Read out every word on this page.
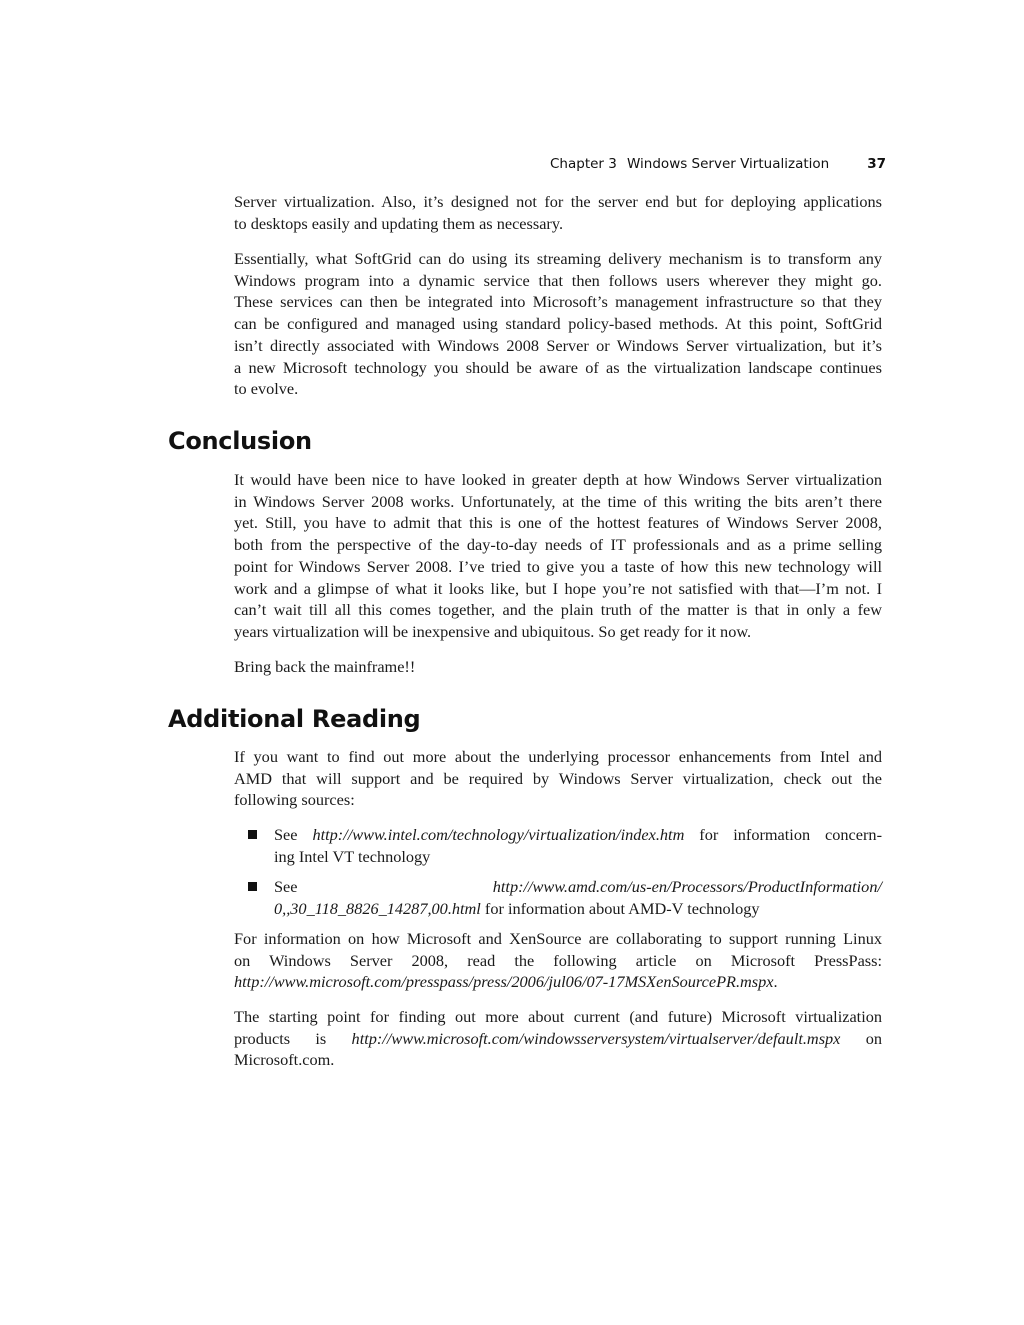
Chapter 3 Windows Server Virtualization	37
Server virtualization. Also, it’s designed not for the server end but for deploying applications
to desktops easily and updating them as necessary.
Essentially, what SoftGrid can do using its streaming delivery mechanism is to transform any
Windows program into a dynamic service that then follows users wherever they might go.
These services can then be integrated into Microsoft’s management infrastructure so that they
can be configured and managed using standard policy-based methods. At this point, SoftGrid
isn’t directly associated with Windows 2008 Server or Windows Server virtualization, but it’s
a new Microsoft technology you should be aware of as the virtualization landscape continues
to evolve.
Conclusion
It would have been nice to have looked in greater depth at how Windows Server virtualization
in Windows Server 2008 works. Unfortunately, at the time of this writing the bits aren’t there
yet. Still, you have to admit that this is one of the hottest features of Windows Server 2008,
both from the perspective of the day-to-day needs of IT professionals and as a prime selling
point for Windows Server 2008. I’ve tried to give you a taste of how this new technology will
work and a glimpse of what it looks like, but I hope you’re not satisfied with that—I’m not. I
can’t wait till all this comes together, and the plain truth of the matter is that in only a few
years virtualization will be inexpensive and ubiquitous. So get ready for it now.
Bring back the mainframe!!
Additional Reading
If you want to find out more about the underlying processor enhancements from Intel and
AMD that will support and be required by Windows Server virtualization, check out the
following sources:
See http://www.intel.com/technology/virtualization/index.htm for information concern-
ing Intel VT technology
See http://www.amd.com/us-en/Processors/ProductInformation/
0,,30_118_8826_14287,00.html for information about AMD-V technology
For information on how Microsoft and XenSource are collaborating to support running Linux
on Windows Server 2008, read the following article on Microsoft PressPass:
http://www.microsoft.com/presspass/press/2006/jul06/07-17MSXenSourcePR.mspx.
The starting point for finding out more about current (and future) Microsoft virtualization
products is http://www.microsoft.com/windowsserversystem/virtualserver/default.mspx on
Microsoft.com.
